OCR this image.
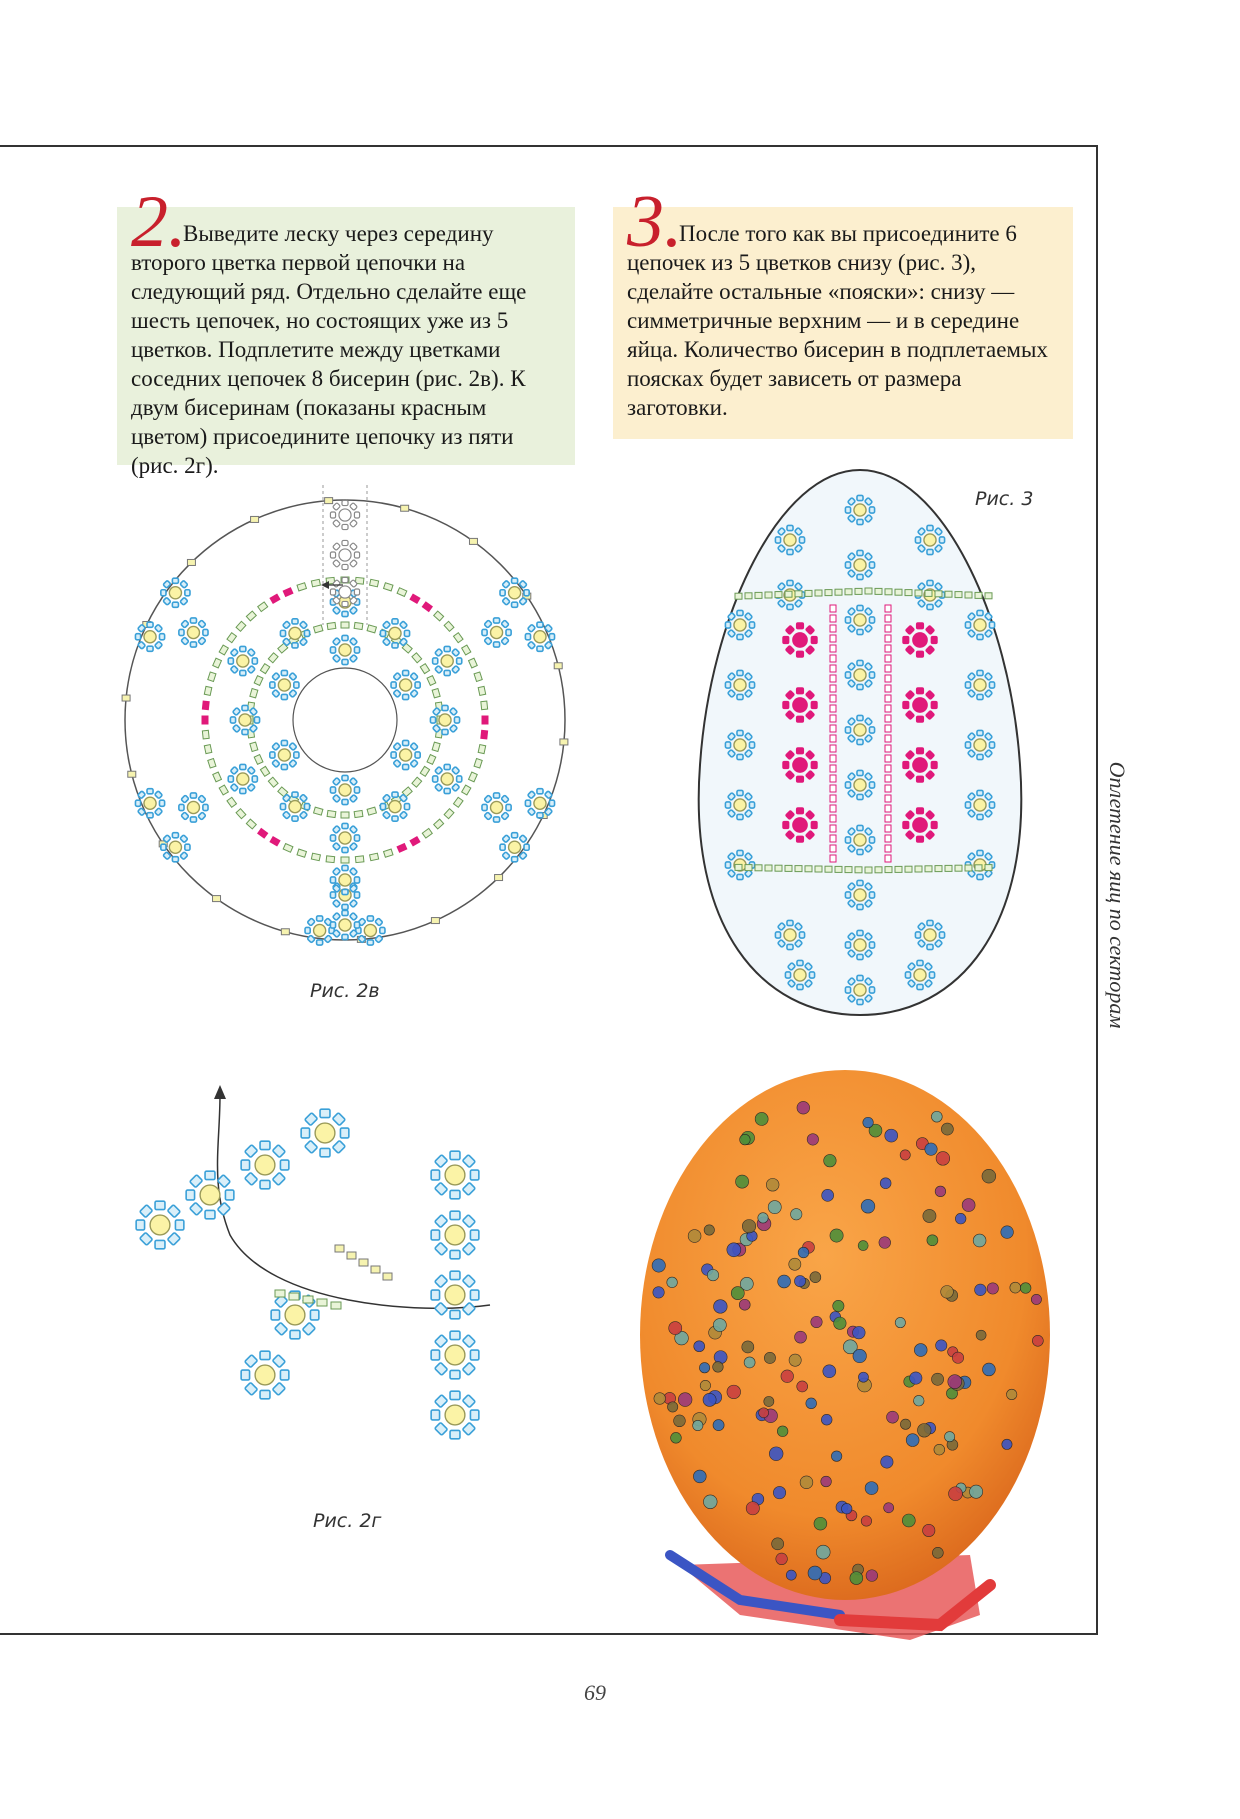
2.

Выведите леску через середину второго цветка первой цепочки на следующий ряд. Отдельно сделайте еще шесть цепочек, но состоящих уже из 5 цветков. Подплетите между цветками соседних цепочек 8 бисерин (рис. 2в). К двум бисеринам (показаны красным цветом) присоедините цепочку из пяти (рис. 2г).

3.

После того как вы присоедините 6 цепочек из 5 цветков снизу (рис. 3), сделайте остальные «пояски»: снизу — симметричные верхним — и в середине яйца. Количество бисерин в подплетаемых поясках будет зависеть от размера заготовки.

Рис. 2в
Рис. 3
Рис. 2г
Оплетение яиц по секторам
69
